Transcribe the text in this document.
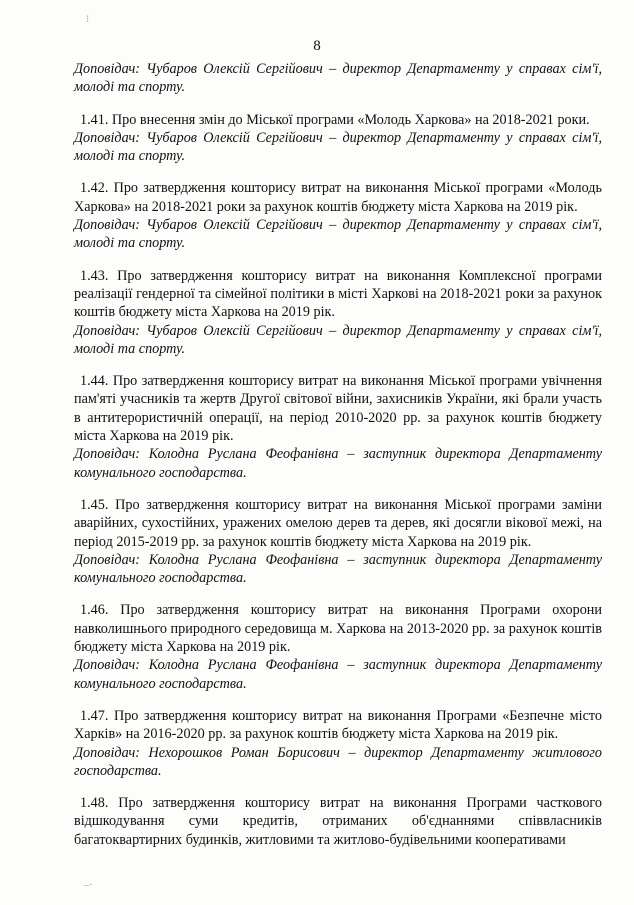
⁝
–·
8

Доповідач: Чубаров Олексій Сергійович – директор Департаменту у справах сім'ї, молоді та спорту.

1.41. Про внесення змін до Міської програми «Молодь Харкова» на 2018-2021 роки.

Доповідач: Чубаров Олексій Сергійович – директор Департаменту у справах сім'ї, молоді та спорту.

1.42. Про затвердження кошторису витрат на виконання Міської програми «Молодь Харкова» на 2018-2021 роки за рахунок коштів бюджету міста Харкова на 2019 рік.

Доповідач: Чубаров Олексій Сергійович – директор Департаменту у справах сім'ї, молоді та спорту.

1.43. Про затвердження кошторису витрат на виконання Комплексної програми реалізації гендерної та сімейної політики в місті Харкові на 2018-2021 роки за рахунок коштів бюджету міста Харкова на 2019 рік.

Доповідач: Чубаров Олексій Сергійович – директор Департаменту у справах сім'ї, молоді та спорту.

1.44. Про затвердження кошторису витрат на виконання Міської програми увічнення пам'яті учасників та жертв Другої світової війни, захисників України, які брали участь в антитерористичній операції, на період 2010-2020 рр. за рахунок коштів бюджету міста Харкова на 2019 рік.

Доповідач: Колодна Руслана Феофанівна – заступник директора Департаменту комунального господарства.

1.45. Про затвердження кошторису витрат на виконання Міської програми заміни аварійних, сухостійних, уражених омелою дерев та дерев, які досягли вікової межі, на період 2015-2019 рр. за рахунок коштів бюджету міста Харкова на 2019 рік.

Доповідач: Колодна Руслана Феофанівна – заступник директора Департаменту комунального господарства.

1.46. Про затвердження кошторису витрат на виконання Програми охорони навколишнього природного середовища м. Харкова на 2013-2020 рр. за рахунок коштів бюджету міста Харкова на 2019 рік.

Доповідач: Колодна Руслана Феофанівна – заступник директора Департаменту комунального господарства.

1.47. Про затвердження кошторису витрат на виконання Програми «Безпечне місто Харків» на 2016-2020 рр. за рахунок коштів бюджету міста Харкова на 2019 рік.

Доповідач: Нехорошков Роман Борисович – директор Департаменту житлового господарства.

1.48. Про затвердження кошторису витрат на виконання Програми часткового відшкодування суми кредитів, отриманих об'єднаннями співвласників багатоквартирних будинків, житловими та житлово-будівельними кооперативами
